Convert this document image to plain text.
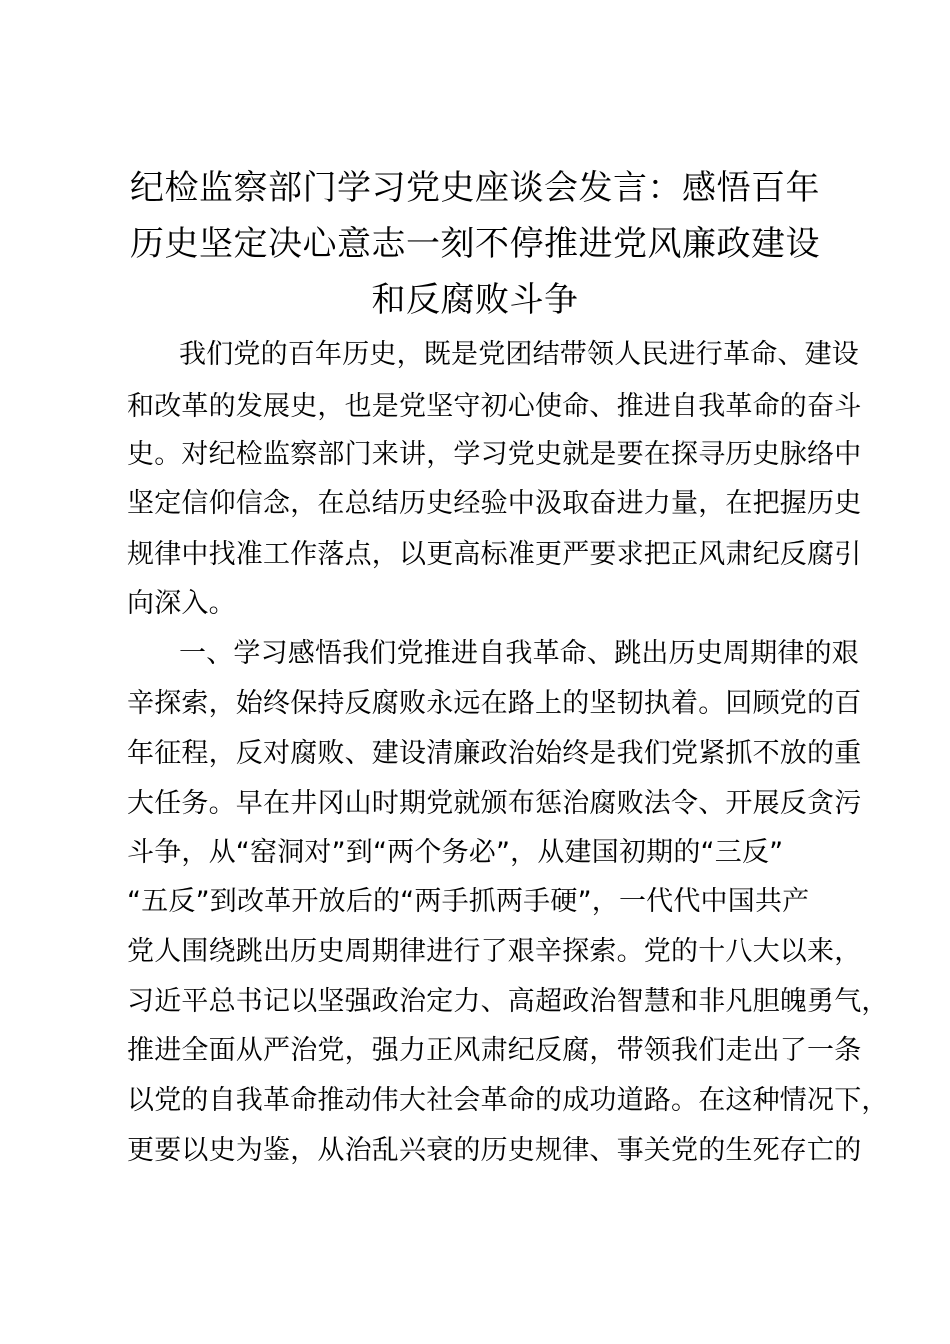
纪检监察部门学习党史座谈会发言：感悟百年
历史坚定决心意志一刻不停推进党风廉政建设
和反腐败斗争
我们党的百年历史，既是党团结带领人民进行革命、建设
和改革的发展史，也是党坚守初心使命、推进自我革命的奋斗
史。对纪检监察部门来讲，学习党史就是要在探寻历史脉络中
坚定信仰信念，在总结历史经验中汲取奋进力量，在把握历史
规律中找准工作落点，以更高标准更严要求把正风肃纪反腐引
向深入。
一、学习感悟我们党推进自我革命、跳出历史周期律的艰
辛探索，始终保持反腐败永远在路上的坚韧执着。回顾党的百
年征程，反对腐败、建设清廉政治始终是我们党紧抓不放的重
大任务。早在井冈山时期党就颁布惩治腐败法令、开展反贪污
斗争，从“窑洞对”到“两个务必”，从建国初期的“三反”
“五反”到改革开放后的“两手抓两手硬”，一代代中国共产
党人围绕跳出历史周期律进行了艰辛探索。党的十八大以来，
习近平总书记以坚强政治定力、高超政治智慧和非凡胆魄勇气，
推进全面从严治党，强力正风肃纪反腐，带领我们走出了一条
以党的自我革命推动伟大社会革命的成功道路。在这种情况下，
更要以史为鉴，从治乱兴衰的历史规律、事关党的生死存亡的
